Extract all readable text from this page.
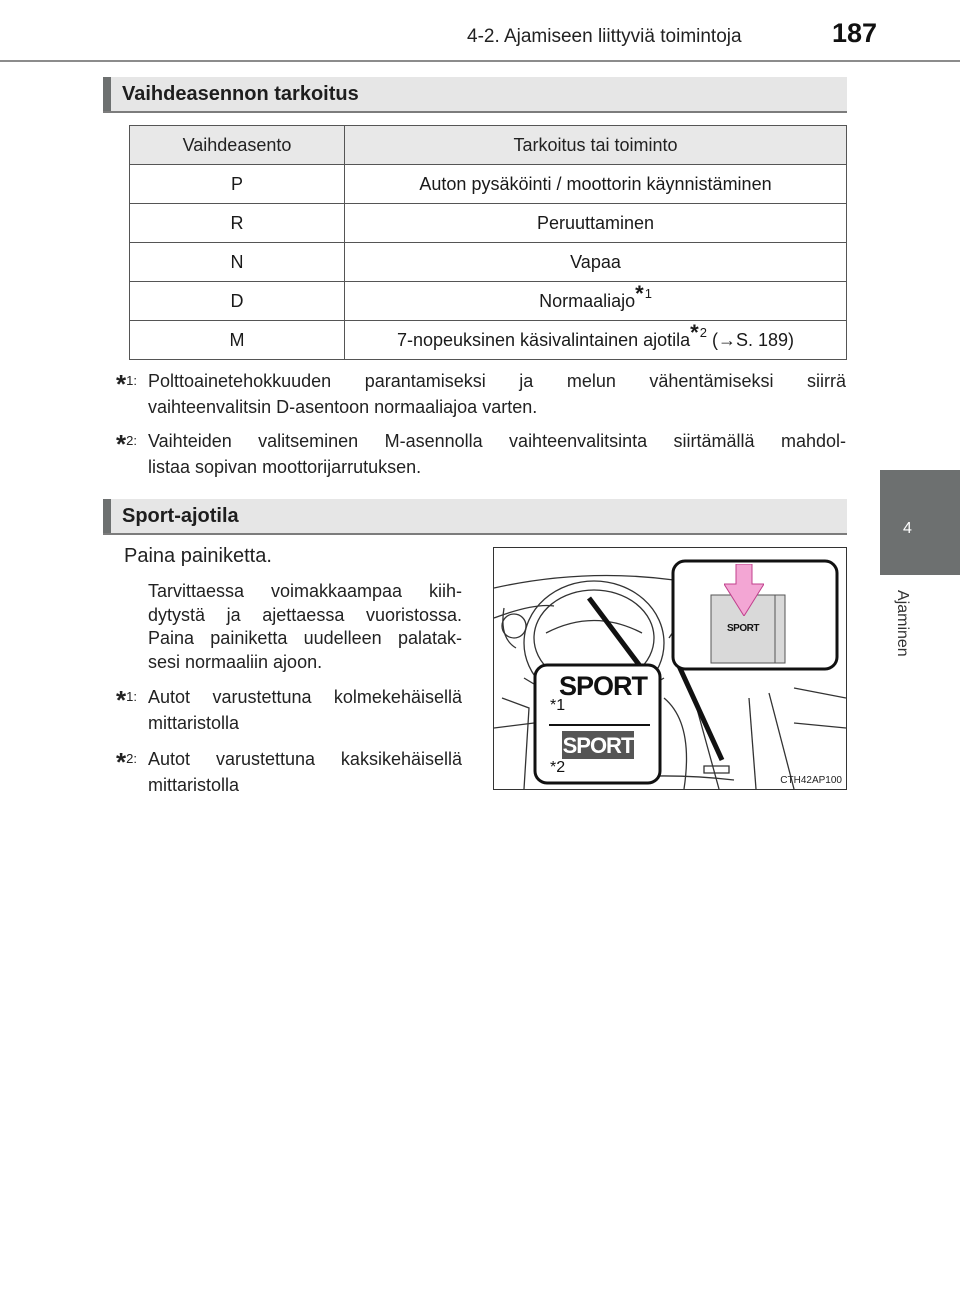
4-2. Ajamiseen liittyviä toimintoja	187
4
Ajaminen
Vaihdeasennon tarkoitus
Vaihdeasento	Tarkoitus tai toiminto
P	Auton pysäköinti / moottorin käynnistäminen
R	Peruuttaminen
N	Vapaa
D	Normaaliajo$^{*1}$
M	7-nopeuksinen käsivalintainen ajotila$^{*2}$ (→S. 189)
*$^{1:}$ Polttoainetehokkuuden parantamiseksi ja melun vähentämiseksi siirrä
vaihteenvalitsin D-asentoon normaaliajoa varten.
*$^{2:}$ Vaihteiden valitseminen M-asennolla vaihteenvalitsinta siirtämällä mahdol-
listaa sopivan moottorijarrutuksen.
Sport-ajotila
Paina painiketta.
Tarvittaessa voimakkaampaa kiih-
dytystä ja ajettaessa vuoristossa.
Paina painiketta uudelleen palatak-
sesi normaaliin ajoon.
*$^{1:}$ Autot varustettuna kolmekehäisellä
mittaristolla
*$^{2:}$ Autot varustettuna kaksikehäisellä
mittaristolla
SPORT
SPORT
*1
SPORT
*2
CTH42AP100
